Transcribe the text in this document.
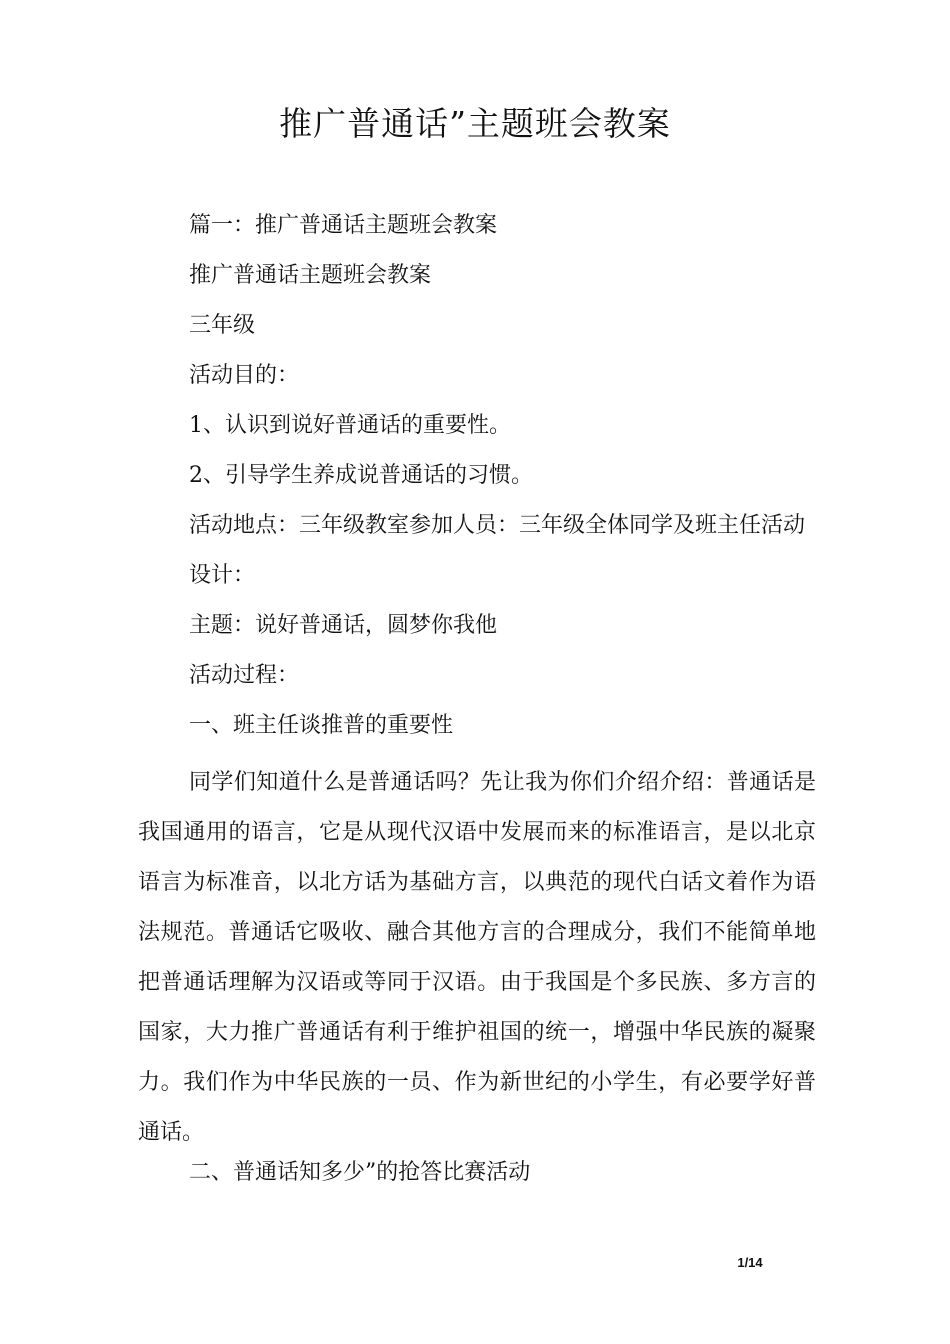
推广普通话”主题班会教案
篇一：推广普通话主题班会教案
推广普通话主题班会教案
三年级
活动目的：
1、认识到说好普通话的重要性。
2、引导学生养成说普通话的习惯。
活动地点：三年级教室参加人员：三年级全体同学及班主任活动
设计：
主题：说好普通话，圆梦你我他
活动过程：
一、班主任谈推普的重要性
同学们知道什么是普通话吗？先让我为你们介绍介绍：普通话是
我国通用的语言，它是从现代汉语中发展而来的标准语言，是以北京
语言为标准音，以北方话为基础方言，以典范的现代白话文着作为语
法规范。普通话它吸收、融合其他方言的合理成分，我们不能简单地
把普通话理解为汉语或等同于汉语。由于我国是个多民族、多方言的
国家，大力推广普通话有利于维护祖国的统一，增强中华民族的凝聚
力。我们作为中华民族的一员、作为新世纪的小学生，有必要学好普
通话。
二、普通话知多少”的抢答比赛活动
1/14
